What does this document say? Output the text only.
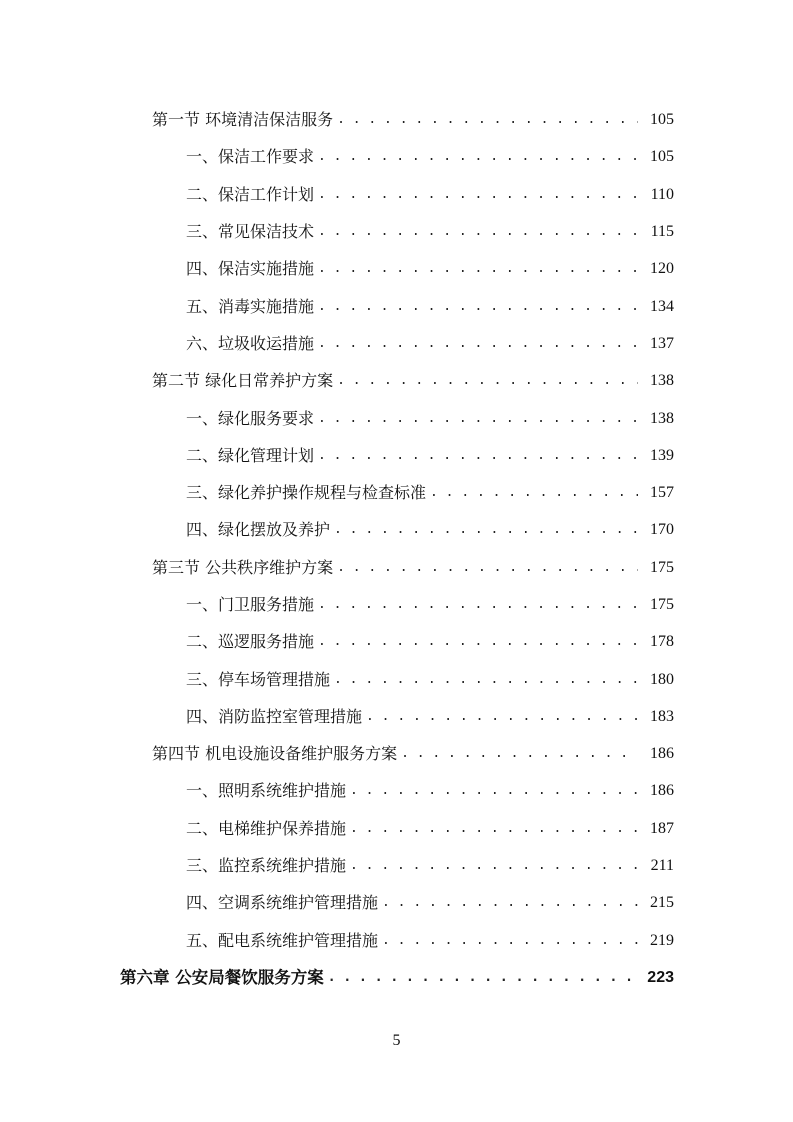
第一节 环境清洁保洁服务 . . .	105
一、保洁工作要求 . . .	105
二、保洁工作计划 . . .	110
三、常见保洁技术 . . .	115
四、保洁实施措施 . . .	120
五、消毒实施措施 . . .	134
六、垃圾收运措施 . . .	137
第二节 绿化日常养护方案 . . .	138
一、绿化服务要求 . . .	138
二、绿化管理计划 . . .	139
三、绿化养护操作规程与检查标准 . . .	157
四、绿化摆放及养护 . . .	170
第三节 公共秩序维护方案 . . .	175
一、门卫服务措施 . . .	175
二、巡逻服务措施 . . .	178
三、停车场管理措施 . . .	180
四、消防监控室管理措施 . . .	183
第四节 机电设施设备维护服务方案 . . .	186
一、照明系统维护措施 . . .	186
二、电梯维护保养措施 . . .	187
三、监控系统维护措施 . . .	211
四、空调系统维护管理措施 . . .	215
五、配电系统维护管理措施 . . .	219
第六章 公安局餐饮服务方案 . . .	223
5
